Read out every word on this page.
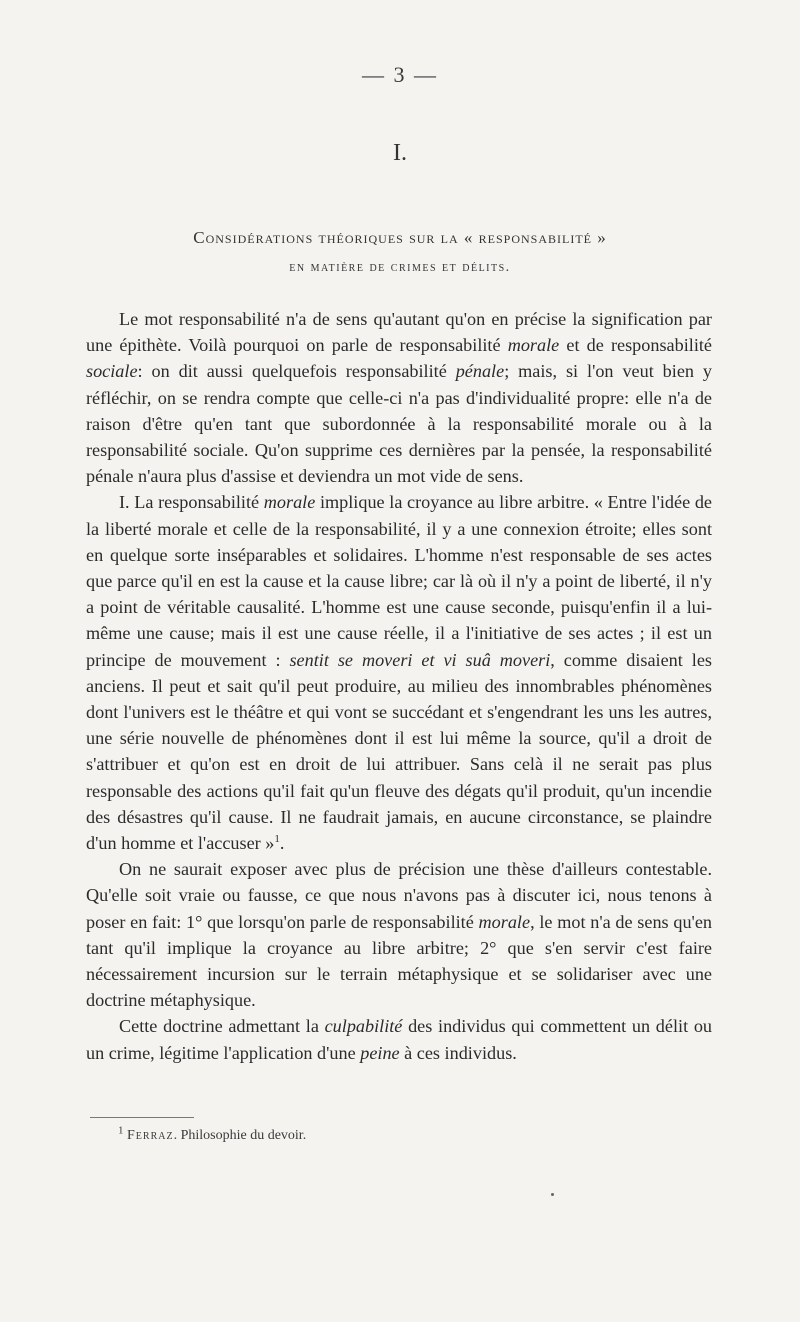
— 3 —
I.
Considérations théoriques sur la « responsabilité »
en matière de crimes et délits.

Le mot responsabilité n'a de sens qu'autant qu'on en précise la signification par une épithète. Voilà pourquoi on parle de responsabilité morale et de responsabilité sociale: on dit aussi quelquefois responsabilité pénale; mais, si l'on veut bien y réfléchir, on se rendra compte que celle-ci n'a pas d'individualité propre: elle n'a de raison d'être qu'en tant que subordonnée à la responsabilité morale ou à la responsabilité sociale. Qu'on supprime ces dernières par la pensée, la responsabilité pénale n'aura plus d'assise et deviendra un mot vide de sens.

I. La responsabilité morale implique la croyance au libre arbitre. « Entre l'idée de la liberté morale et celle de la responsabilité, il y a une connexion étroite; elles sont en quelque sorte inséparables et solidaires. L'homme n'est responsable de ses actes que parce qu'il en est la cause et la cause libre; car là où il n'y a point de liberté, il n'y a point de véritable causalité. L'homme est une cause seconde, puisqu'enfin il a lui-même une cause; mais il est une cause réelle, il a l'initiative de ses actes ; il est un principe de mouvement : sentit se moveri et vi suâ moveri, comme disaient les anciens. Il peut et sait qu'il peut produire, au milieu des innombrables phénomènes dont l'univers est le théâtre et qui vont se succédant et s'engendrant les uns les autres, une série nouvelle de phénomènes dont il est lui même la source, qu'il a droit de s'attribuer et qu'on est en droit de lui attribuer. Sans celà il ne serait pas plus responsable des actions qu'il fait qu'un fleuve des dégats qu'il produit, qu'un incendie des désastres qu'il cause. Il ne faudrait jamais, en aucune circonstance, se plaindre d'un homme et l'accuser »$^1$.

On ne saurait exposer avec plus de précision une thèse d'ailleurs contestable. Qu'elle soit vraie ou fausse, ce que nous n'avons pas à discuter ici, nous tenons à poser en fait: 1° que lorsqu'on parle de responsabilité morale, le mot n'a de sens qu'en tant qu'il implique la croyance au libre arbitre; 2° que s'en servir c'est faire nécessairement incursion sur le terrain métaphysique et se solidariser avec une doctrine métaphysique.

Cette doctrine admettant la culpabilité des individus qui commettent un délit ou un crime, légitime l'application d'une peine à ces individus.

$^1$ Ferraz. Philosophie du devoir.
